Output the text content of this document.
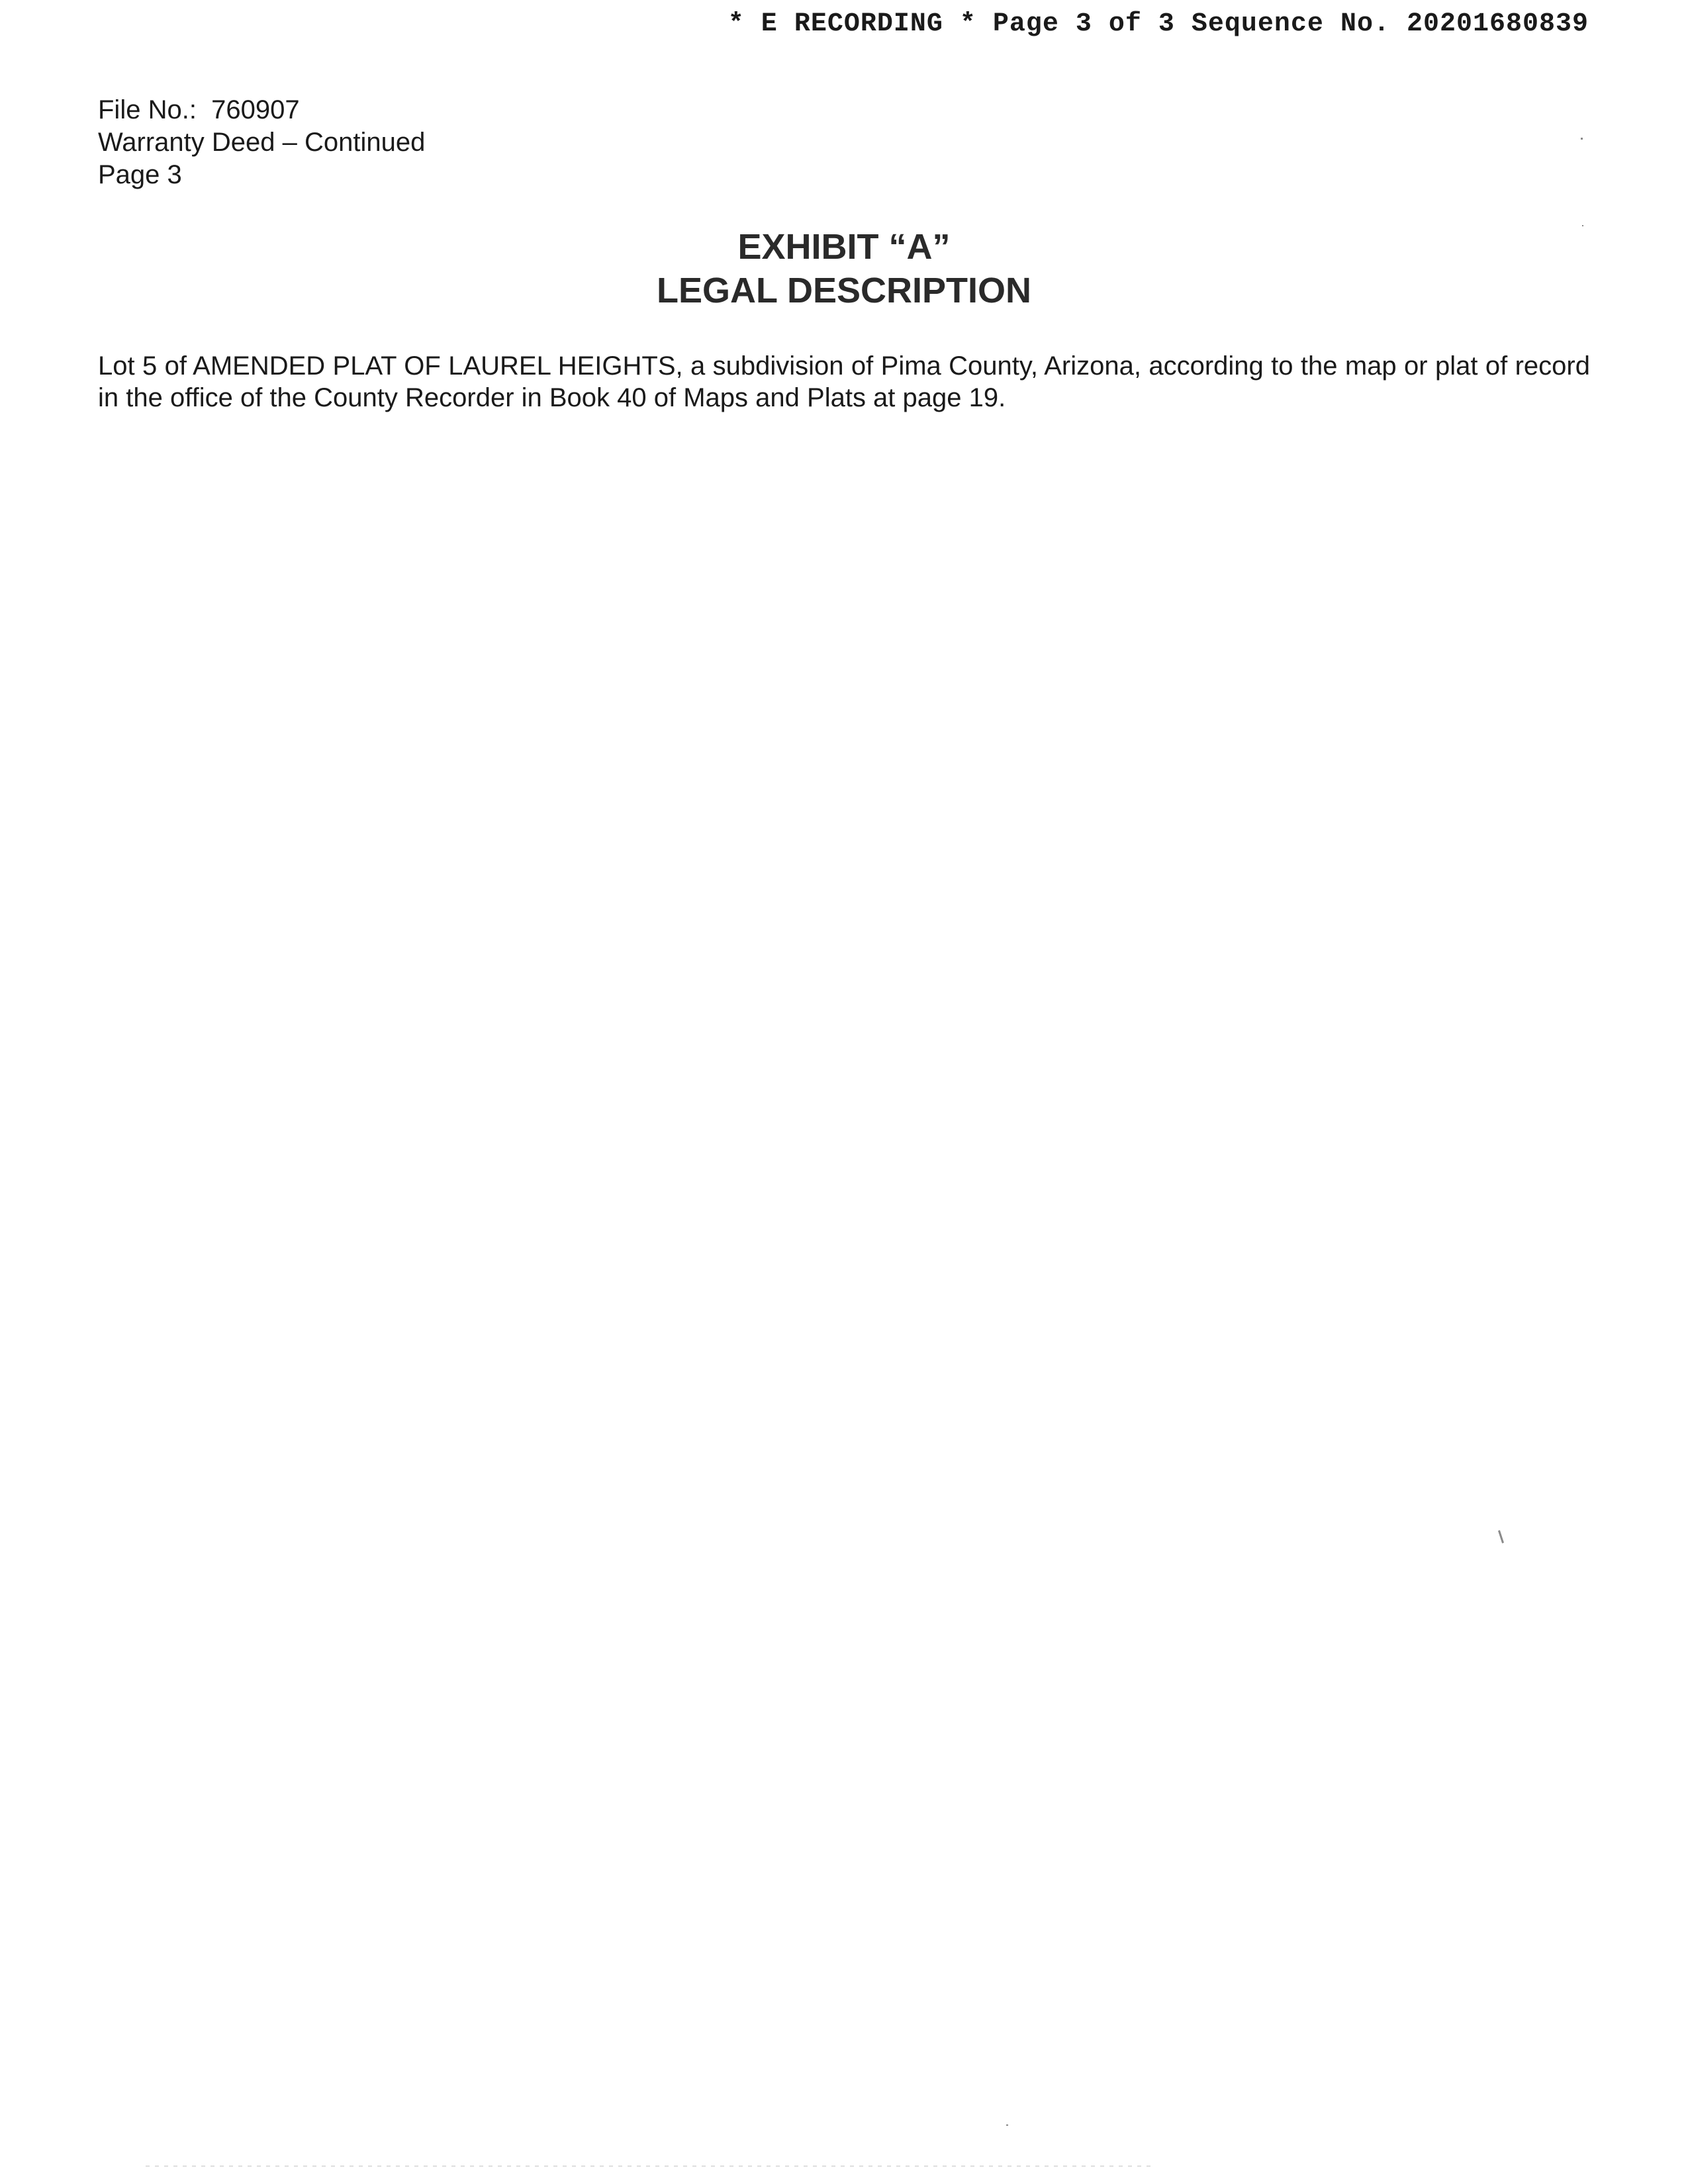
* E RECORDING * Page 3 of 3 Sequence No. 20201680839
File No.:  760907
Warranty Deed – Continued
Page 3
EXHIBIT “A”
LEGAL DESCRIPTION
Lot 5 of AMENDED PLAT OF LAUREL HEIGHTS, a subdivision of Pima County, Arizona, according to the map or plat of record in the office of the County Recorder in Book 40 of Maps and Plats at page 19.
